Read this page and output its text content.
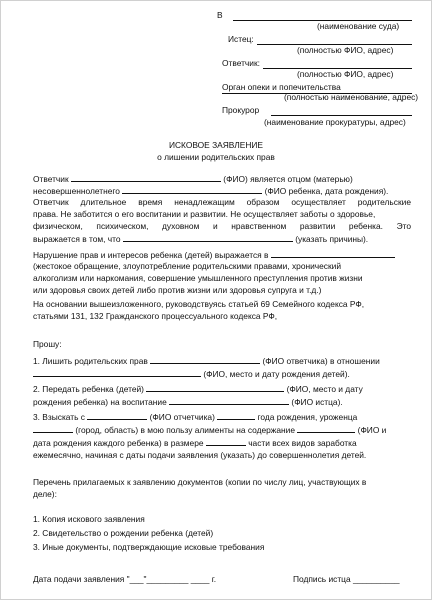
В
(наименование суда)
Истец:
(полностью ФИО, адрес)
Ответчик:
(полностью ФИО, адрес)
Орган опеки и попечительства
(полностью наименование, адрес)
Прокурор
(наименование прокуратуры, адрес)
ИСКОВОЕ ЗАЯВЛЕНИЕ
о лишении родительских прав
Ответчик	(ФИО) является отцом (матерью)
несовершеннолетнего	(ФИО ребенка, дата рождения).
Ответчик длительное время ненадлежащим образом осуществляет родительские
права. Не заботится о его воспитании и развитии. Не осуществляет заботы о здоровье,
физическом, психическом, духовном и нравственном развитии ребенка. Это
выражается в том, что	(указать причины).
Нарушение прав и интересов ребенка (детей) выражается в
(жестокое обращение, злоупотребление родительскими правами, хронический
алкоголизм или наркомания, совершение умышленного преступления против жизни
или здоровья своих детей либо против жизни или здоровья супруга и т.д.)
На основании вышеизложенного, руководствуясь статьей 69 Семейного кодекса РФ,
статьями 131, 132 Гражданского процессуального кодекса РФ,
Прошу:
1. Лишить родительских прав	(ФИО ответчика) в отношении
(ФИО, место и дату рождения детей).
2. Передать ребенка (детей)	(ФИО, место и дату
рождения ребенка) на воспитание	(ФИО истца).
3. Взыскать с	(ФИО отчетчика)	года рождения, уроженца
(город, область) в мою пользу алименты на содержание	(ФИО и
дата рождения каждого ребенка) в размере	части всех видов заработка
ежемесячно, начиная с даты подачи заявления (указать) до совершеннолетия детей.
Перечень прилагаемых к заявлению документов (копии по числу лиц, участвующих в
деле):
1. Копия искового заявления
2. Свидетельство о рождении ребенка (детей)
3. Иные документы, подтверждающие исковые требования
Дата подачи заявления "___"_________ ____ г.	Подпись истца __________
